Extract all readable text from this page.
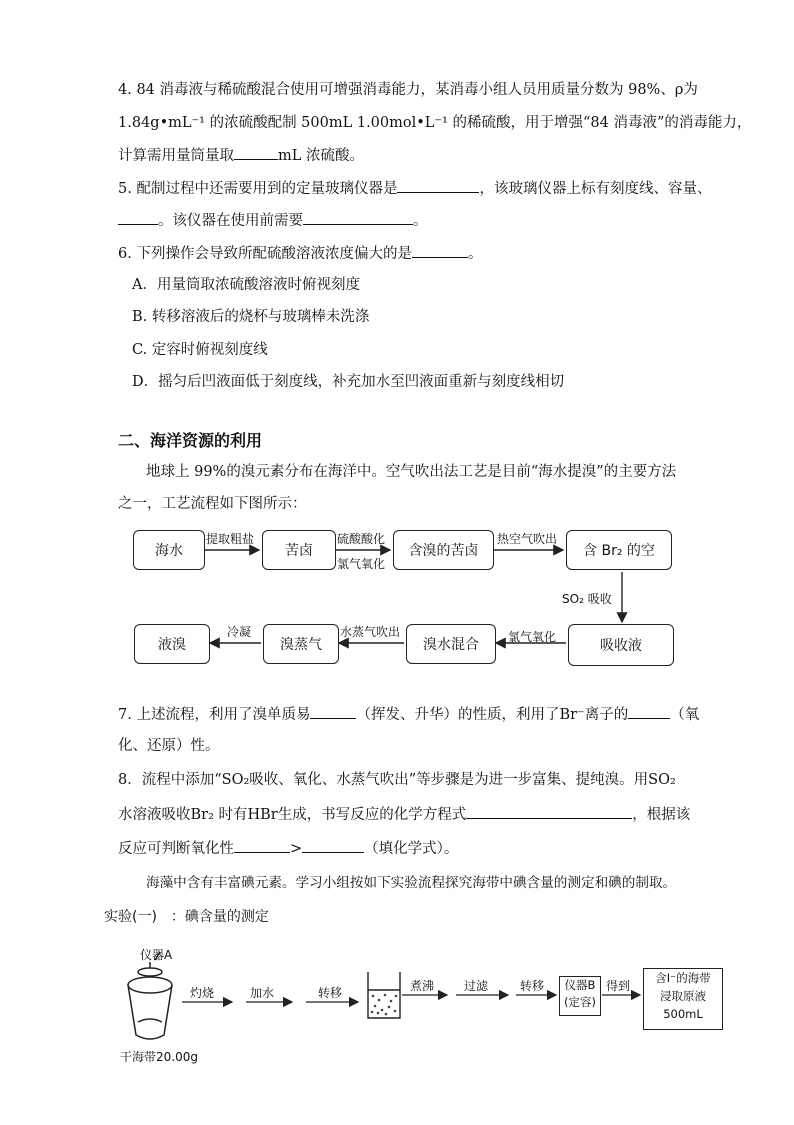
4. 84 消毒液与稀硫酸混合使用可增强消毒能力，某消毒小组人员用质量分数为 98%、ρ为
1.84g•mL⁻¹ 的浓硫酸配制 500mL 1.00mol•L⁻¹ 的稀硫酸，用于增强“84 消毒液”的消毒能力，
计算需用量筒量取	mL 浓硫酸。
5. 配制过程中还需要用到的定量玻璃仪器是	，该玻璃仪器上标有刻度线、容量、
。该仪器在使用前需要	。
6. 下列操作会导致所配硫酸溶液浓度偏大的是	。
A．用量筒取浓硫酸溶液时俯视刻度
B. 转移溶液后的烧杯与玻璃棒未洗涤
C. 定容时俯视刻度线
D．摇匀后凹液面低于刻度线，补充加水至凹液面重新与刻度线相切
二、海洋资源的利用
地球上 99%的溴元素分布在海洋中。空气吹出法工艺是目前“海水提溴”的主要方法
之一，工艺流程如下图所示：
海水	苦卤	含溴的苦卤	含 Br₂ 的空
吸收液
溴水混合
溴蒸气
液溴
提取粗盐	硫酸酸化
氯气氧化
热空气吹出
SO₂ 吸收
氯气氧化
水蒸气吹出
冷凝
7. 上述流程，利用了溴单质易	（挥发、升华）的性质，利用了Br⁻离子的	（氧
化、还原）性。
8．流程中添加“SO₂吸收、氧化、水蒸气吹出”等步骤是为进一步富集、提纯溴。用SO₂
水溶液吸收Br₂ 时有HBr生成，书写反应的化学方程式	，根据该
反应可判断氧化性	>	（填化学式）。
海藻中含有丰富碘元素。学习小组按如下实验流程探究海带中碘含量的测定和碘的制取。
实验(一)　：碘含量的测定
仪器A
干海带20.00g
灼烧	加水	转移	煮沸 过滤	转移	得到
仪器B
(定容)
含I⁻的海带
浸取原液
500mL
